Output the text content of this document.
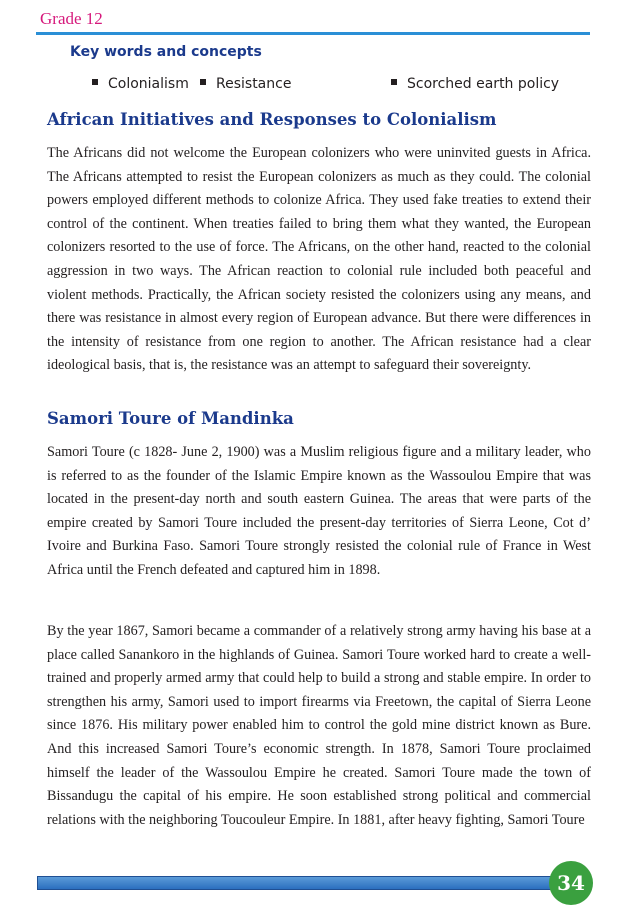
Grade 12
Key words and concepts
Colonialism	Resistance	Scorched earth policy
African Initiatives and Responses to Colonialism

The Africans did not welcome the European colonizers who were uninvited guests in Africa. The Africans attempted to resist the European colonizers as much as they could. The colonial powers employed different methods to colonize Africa. They used fake treaties to extend their control of the continent. When treaties failed to bring them what they wanted, the European colonizers resorted to the use of force. The Africans, on the other hand, reacted to the colonial aggression in two ways. The African reaction to colonial rule included both peaceful and violent methods. Practically, the African society resisted the colonizers using any means, and there was resistance in almost every region of European advance. But there were differences in the intensity of resistance from one region to another. The African resistance had a clear ideological basis, that is, the resistance was an attempt to safeguard their sovereignty.

Samori Toure of Mandinka

Samori Toure (c 1828- June 2, 1900) was a Muslim religious figure and a military leader, who is referred to as the founder of the Islamic Empire known as the Wassoulou Empire that was located in the present-day north and south eastern Guinea. The areas that were parts of the empire created by Samori Toure included the present-day territories of Sierra Leone, Cot d’ Ivoire and Burkina Faso. Samori Toure strongly resisted the colonial rule of France in West Africa until the French defeated and captured him in 1898.

By the year 1867, Samori became a commander of a relatively strong army having his base at a place called Sanankoro in the highlands of Guinea. Samori Toure worked hard to create a well-trained and properly armed army that could help to build a strong and stable empire. In order to strengthen his army, Samori used to import firearms via Freetown, the capital of Sierra Leone since 1876. His military power enabled him to control the gold mine district known as Bure. And this increased Samori Toure’s economic strength. In 1878, Samori Toure proclaimed himself the leader of the Wassoulou Empire he created. Samori Toure made the town of Bissandugu the capital of his empire. He soon established strong political and commercial relations with the neighboring Toucouleur Empire. In 1881, after heavy fighting, Samori Toure

34
